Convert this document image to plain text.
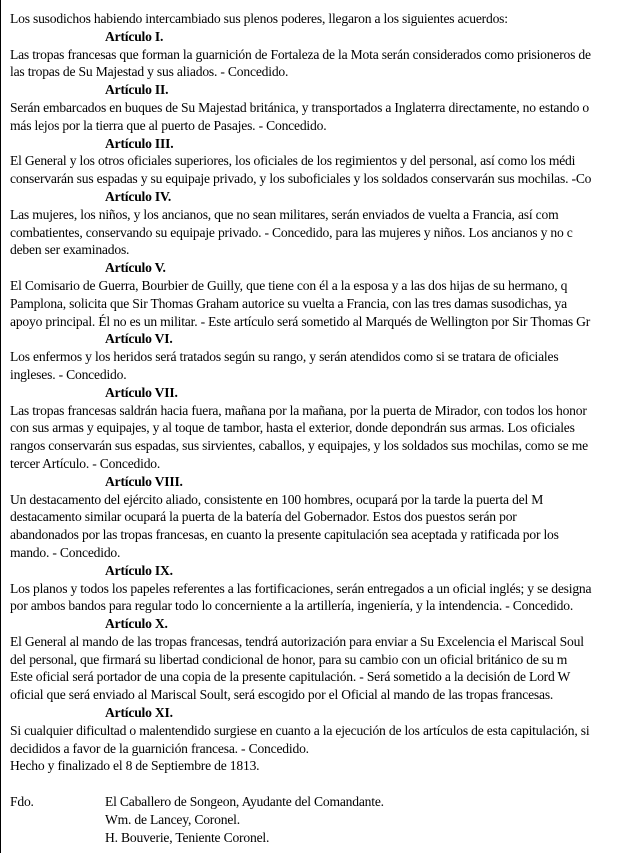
Los susodichos habiendo intercambiado sus plenos poderes, llegaron a los siguientes acuerdos:
Artículo I.
Las tropas francesas que forman la guarnición de Fortaleza de la Mota serán considerados como prisioneros de
las tropas de Su Majestad y sus aliados. - Concedido.
Artículo II.
Serán embarcados en buques de Su Majestad británica, y transportados a Inglaterra directamente, no estando o
más lejos por la tierra que al puerto de Pasajes. - Concedido.
Artículo III.
El General y los otros oficiales superiores, los oficiales de los regimientos y del personal, así como los médi
conservarán sus espadas y su equipaje privado, y los suboficiales y los soldados conservarán sus mochilas. -Co
Artículo IV.
Las mujeres, los niños, y los ancianos, que no sean militares, serán enviados de vuelta a Francia, así com
combatientes, conservando su equipaje privado. - Concedido, para las mujeres y niños. Los ancianos y no c
deben ser examinados.
Artículo V.
El Comisario de Guerra, Bourbier de Guilly, que tiene con él a la esposa y a las dos hijas de su hermano, q
Pamplona, solicita que Sir Thomas Graham autorice su vuelta a Francia, con las tres damas susodichas, ya
apoyo principal. Él no es un militar. - Este artículo será sometido al Marqués de Wellington por Sir Thomas Gr
Artículo VI.
Los enfermos y los heridos será tratados según su rango, y serán atendidos como si se tratara de oficiales
ingleses. - Concedido.
Artículo VII.
Las tropas francesas saldrán hacia fuera, mañana por la mañana, por la puerta de Mirador, con todos los honor
con sus armas y equipajes, y al toque de tambor, hasta el exterior, donde depondrán sus armas. Los oficiales
rangos conservarán sus espadas, sus sirvientes, caballos, y equipajes, y los soldados sus mochilas, como se me
tercer Artículo. - Concedido.
Artículo VIII.
Un destacamento del ejército aliado, consistente en 100 hombres, ocupará por la tarde la puerta del M
destacamento similar ocupará la puerta de la batería del Gobernador. Estos dos puestos serán por
abandonados por las tropas francesas, en cuanto la presente capitulación sea aceptada y ratificada por los
mando. - Concedido.
Artículo IX.
Los planos y todos los papeles referentes a las fortificaciones, serán entregados a un oficial inglés; y se designa
por ambos bandos para regular todo lo concerniente a la artillería, ingeniería, y la intendencia. - Concedido.
Artículo X.
El General al mando de las tropas francesas, tendrá autorización para enviar a Su Excelencia el Mariscal Soul
del personal, que firmará su libertad condicional de honor, para su cambio con un oficial británico de su m
Este oficial será portador de una copia de la presente capitulación. - Será sometido a la decisión de Lord W
oficial que será enviado al Mariscal Soult, será escogido por el Oficial al mando de las tropas francesas.
Artículo XI.
Si cualquier dificultad o malentendido surgiese en cuanto a la ejecución de los artículos de esta capitulación, si
decididos a favor de la guarnición francesa. - Concedido.
Hecho y finalizado el 8 de Septiembre de 1813.
Fdo.	El Caballero de Songeon, Ayudante del Comandante.
Wm. de Lancey, Coronel.
H. Bouverie, Teniente Coronel.
